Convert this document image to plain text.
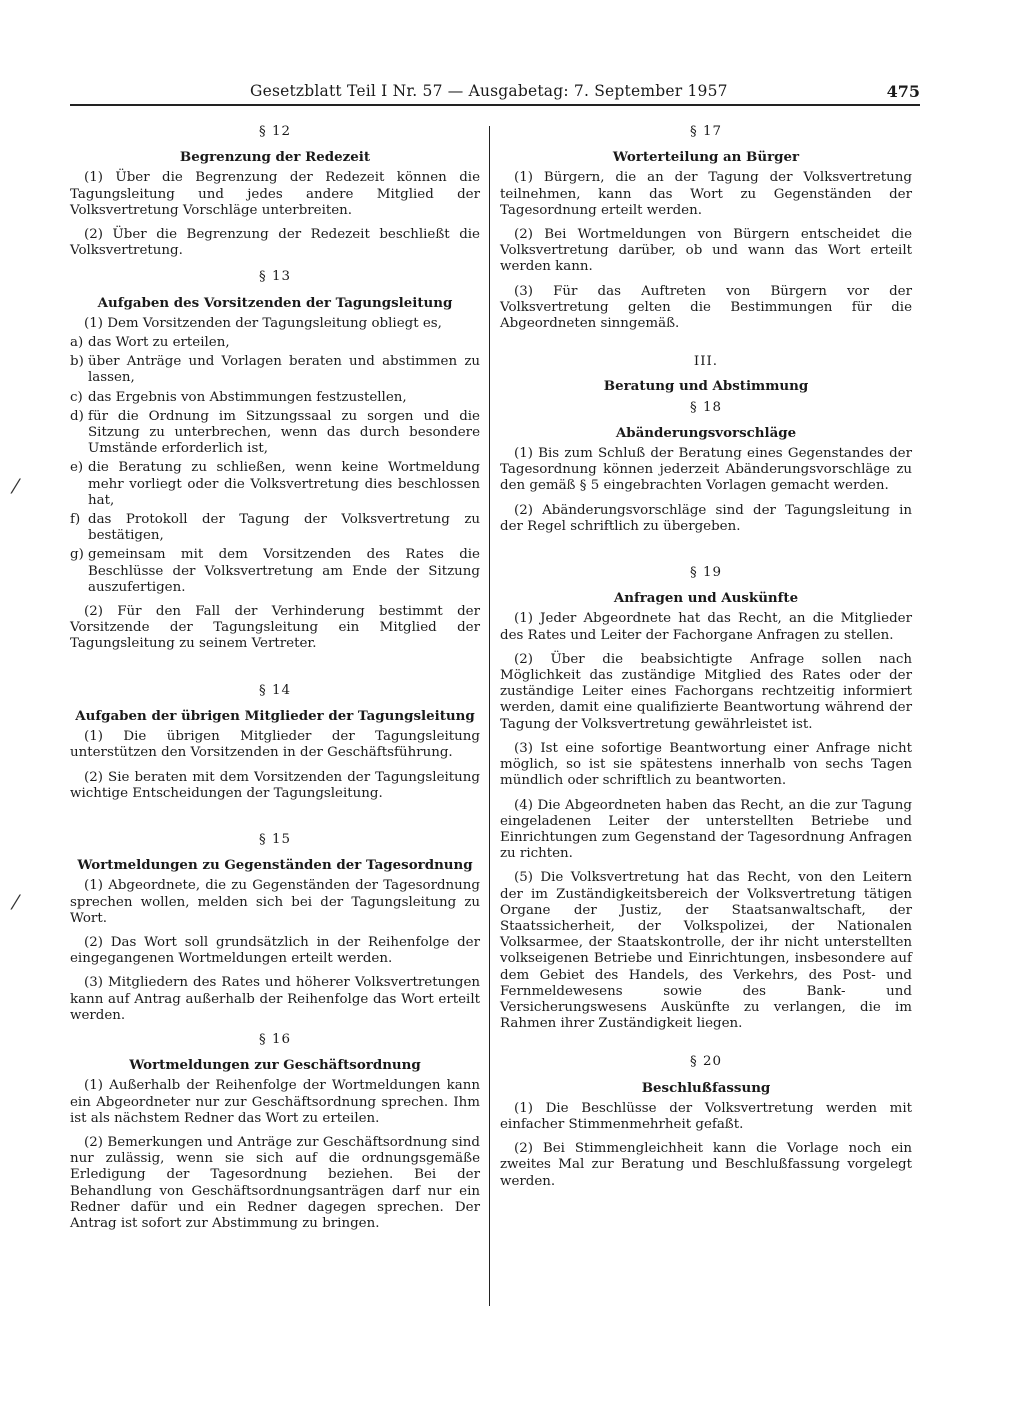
Gesetzblatt Teil I Nr. 57 — Ausgabetag: 7. September 1957	475
⁄
⁄
§ 12
Begrenzung der Redezeit

(1) Über die Begrenzung der Redezeit können die Tagungsleitung und jedes andere Mitglied der Volksvertretung Vorschläge unterbreiten.

(2) Über die Begrenzung der Redezeit beschließt die Volksvertretung.

§ 13
Aufgaben des Vorsitzenden der Tagungsleitung

(1) Dem Vorsitzenden der Tagungsleitung obliegt es,

a) das Wort zu erteilen,
b) über Anträge und Vorlagen beraten und abstimmen zu lassen,
c) das Ergebnis von Abstimmungen festzustellen,
d) für die Ordnung im Sitzungssaal zu sorgen und die Sitzung zu unterbrechen, wenn das durch besondere Umstände erforderlich ist,
e) die Beratung zu schließen, wenn keine Wortmeldung mehr vorliegt oder die Volksvertretung dies beschlossen hat,
f) das Protokoll der Tagung der Volksvertretung zu bestätigen,
g) gemeinsam mit dem Vorsitzenden des Rates die Beschlüsse der Volksvertretung am Ende der Sitzung auszufertigen.

(2) Für den Fall der Verhinderung bestimmt der Vorsitzende der Tagungsleitung ein Mitglied der Tagungsleitung zu seinem Vertreter.

§ 14
Aufgaben der übrigen Mitglieder der Tagungsleitung

(1) Die übrigen Mitglieder der Tagungsleitung unterstützen den Vorsitzenden in der Geschäftsführung.

(2) Sie beraten mit dem Vorsitzenden der Tagungsleitung wichtige Entscheidungen der Tagungsleitung.

§ 15
Wortmeldungen zu Gegenständen der Tagesordnung

(1) Abgeordnete, die zu Gegenständen der Tagesordnung sprechen wollen, melden sich bei der Tagungsleitung zu Wort.

(2) Das Wort soll grundsätzlich in der Reihenfolge der eingegangenen Wortmeldungen erteilt werden.

(3) Mitgliedern des Rates und höherer Volksvertretungen kann auf Antrag außerhalb der Reihenfolge das Wort erteilt werden.

§ 16
Wortmeldungen zur Geschäftsordnung

(1) Außerhalb der Reihenfolge der Wortmeldungen kann ein Abgeordneter nur zur Geschäftsordnung sprechen. Ihm ist als nächstem Redner das Wort zu erteilen.

(2) Bemerkungen und Anträge zur Geschäftsordnung sind nur zulässig, wenn sie sich auf die ordnungsgemäße Erledigung der Tagesordnung beziehen. Bei der Behandlung von Geschäftsordnungsanträgen darf nur ein Redner dafür und ein Redner dagegen sprechen. Der Antrag ist sofort zur Abstimmung zu bringen.

§ 17
Worterteilung an Bürger

(1) Bürgern, die an der Tagung der Volksvertretung teilnehmen, kann das Wort zu Gegenständen der Tagesordnung erteilt werden.

(2) Bei Wortmeldungen von Bürgern entscheidet die Volksvertretung darüber, ob und wann das Wort erteilt werden kann.

(3) Für das Auftreten von Bürgern vor der Volksvertretung gelten die Bestimmungen für die Abgeordneten sinngemäß.

III.
Beratung und Abstimmung
§ 18
Abänderungsvorschläge

(1) Bis zum Schluß der Beratung eines Gegenstandes der Tagesordnung können jederzeit Abänderungsvorschläge zu den gemäß § 5 eingebrachten Vorlagen gemacht werden.

(2) Abänderungsvorschläge sind der Tagungsleitung in der Regel schriftlich zu übergeben.

§ 19
Anfragen und Auskünfte

(1) Jeder Abgeordnete hat das Recht, an die Mitglieder des Rates und Leiter der Fachorgane Anfragen zu stellen.

(2) Über die beabsichtigte Anfrage sollen nach Möglichkeit das zuständige Mitglied des Rates oder der zuständige Leiter eines Fachorgans rechtzeitig informiert werden, damit eine qualifizierte Beantwortung während der Tagung der Volksvertretung gewährleistet ist.

(3) Ist eine sofortige Beantwortung einer Anfrage nicht möglich, so ist sie spätestens innerhalb von sechs Tagen mündlich oder schriftlich zu beantworten.

(4) Die Abgeordneten haben das Recht, an die zur Tagung eingeladenen Leiter der unterstellten Betriebe und Einrichtungen zum Gegenstand der Tagesordnung Anfragen zu richten.

(5) Die Volksvertretung hat das Recht, von den Leitern der im Zuständigkeitsbereich der Volksvertretung tätigen Organe der Justiz, der Staatsanwaltschaft, der Staatssicherheit, der Volkspolizei, der Nationalen Volksarmee, der Staatskontrolle, der ihr nicht unterstellten volkseigenen Betriebe und Einrichtungen, insbesondere auf dem Gebiet des Handels, des Verkehrs, des Post- und Fernmeldewesens sowie des Bank- und Versicherungswesens Auskünfte zu verlangen, die im Rahmen ihrer Zuständigkeit liegen.

§ 20
Beschlußfassung

(1) Die Beschlüsse der Volksvertretung werden mit einfacher Stimmenmehrheit gefaßt.

(2) Bei Stimmengleichheit kann die Vorlage noch ein zweites Mal zur Beratung und Beschlußfassung vorgelegt werden.
